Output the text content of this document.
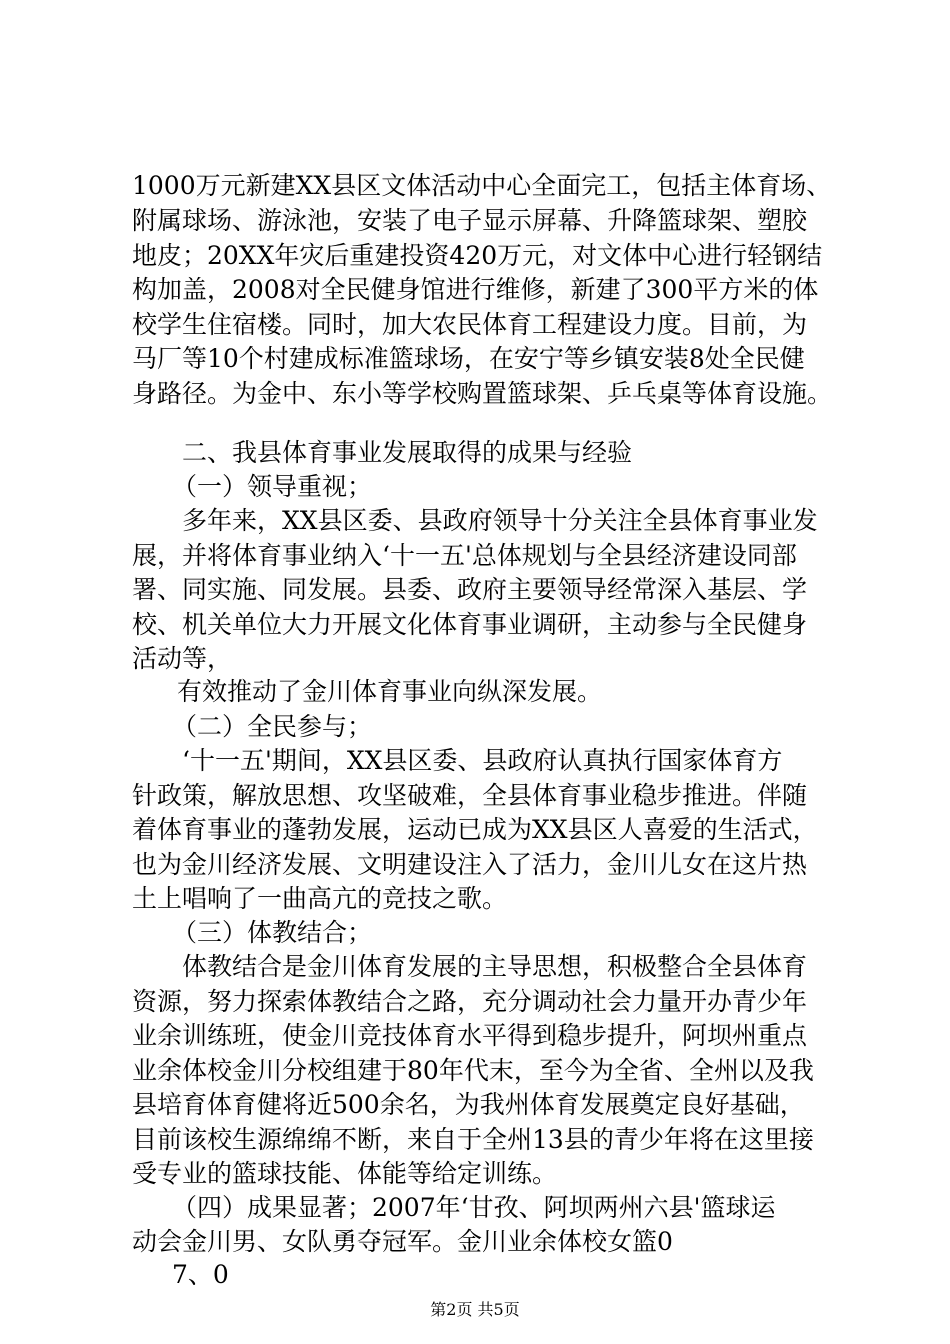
1000万元新建XX县区文体活动中心全面完工，包括主体育场、
附属球场、游泳池，安装了电子显示屏幕、升降篮球架、塑胶
地皮；20XX年灾后重建投资420万元，对文体中心进行轻钢结
构加盖，2008对全民健身馆进行维修，新建了300平方米的体
校学生住宿楼。同时，加大农民体育工程建设力度。目前，为
马厂等10个村建成标准篮球场，在安宁等乡镇安装8处全民健
身路径。为金中、东小等学校购置篮球架、乒乓桌等体育设施。
二、我县体育事业发展取得的成果与经验
（一）领导重视；
多年来，XX县区委、县政府领导十分关注全县体育事业发
展，并将体育事业纳入‘十一五'总体规划与全县经济建设同部
署、同实施、同发展。县委、政府主要领导经常深入基层、学
校、机关单位大力开展文化体育事业调研，主动参与全民健身
活动等，
有效推动了金川体育事业向纵深发展。
（二）全民参与；
‘十一五'期间，XX县区委、县政府认真执行国家体育方
针政策，解放思想、攻坚破难，全县体育事业稳步推进。伴随
着体育事业的蓬勃发展，运动已成为XX县区人喜爱的生活式，
也为金川经济发展、文明建设注入了活力，金川儿女在这片热
土上唱响了一曲高亢的竞技之歌。
（三）体教结合；
体教结合是金川体育发展的主导思想，积极整合全县体育
资源，努力探索体教结合之路，充分调动社会力量开办青少年
业余训练班，使金川竞技体育水平得到稳步提升，阿坝州重点
业余体校金川分校组建于80年代末，至今为全省、全州以及我
县培育体育健将近500余名，为我州体育发展奠定良好基础，
目前该校生源绵绵不断，来自于全州13县的青少年将在这里接
受专业的篮球技能、体能等给定训练。
（四）成果显著；2007年‘甘孜、阿坝两州六县'篮球运
动会金川男、女队勇夺冠军。金川业余体校女篮0
7、0
第2页 共5页
